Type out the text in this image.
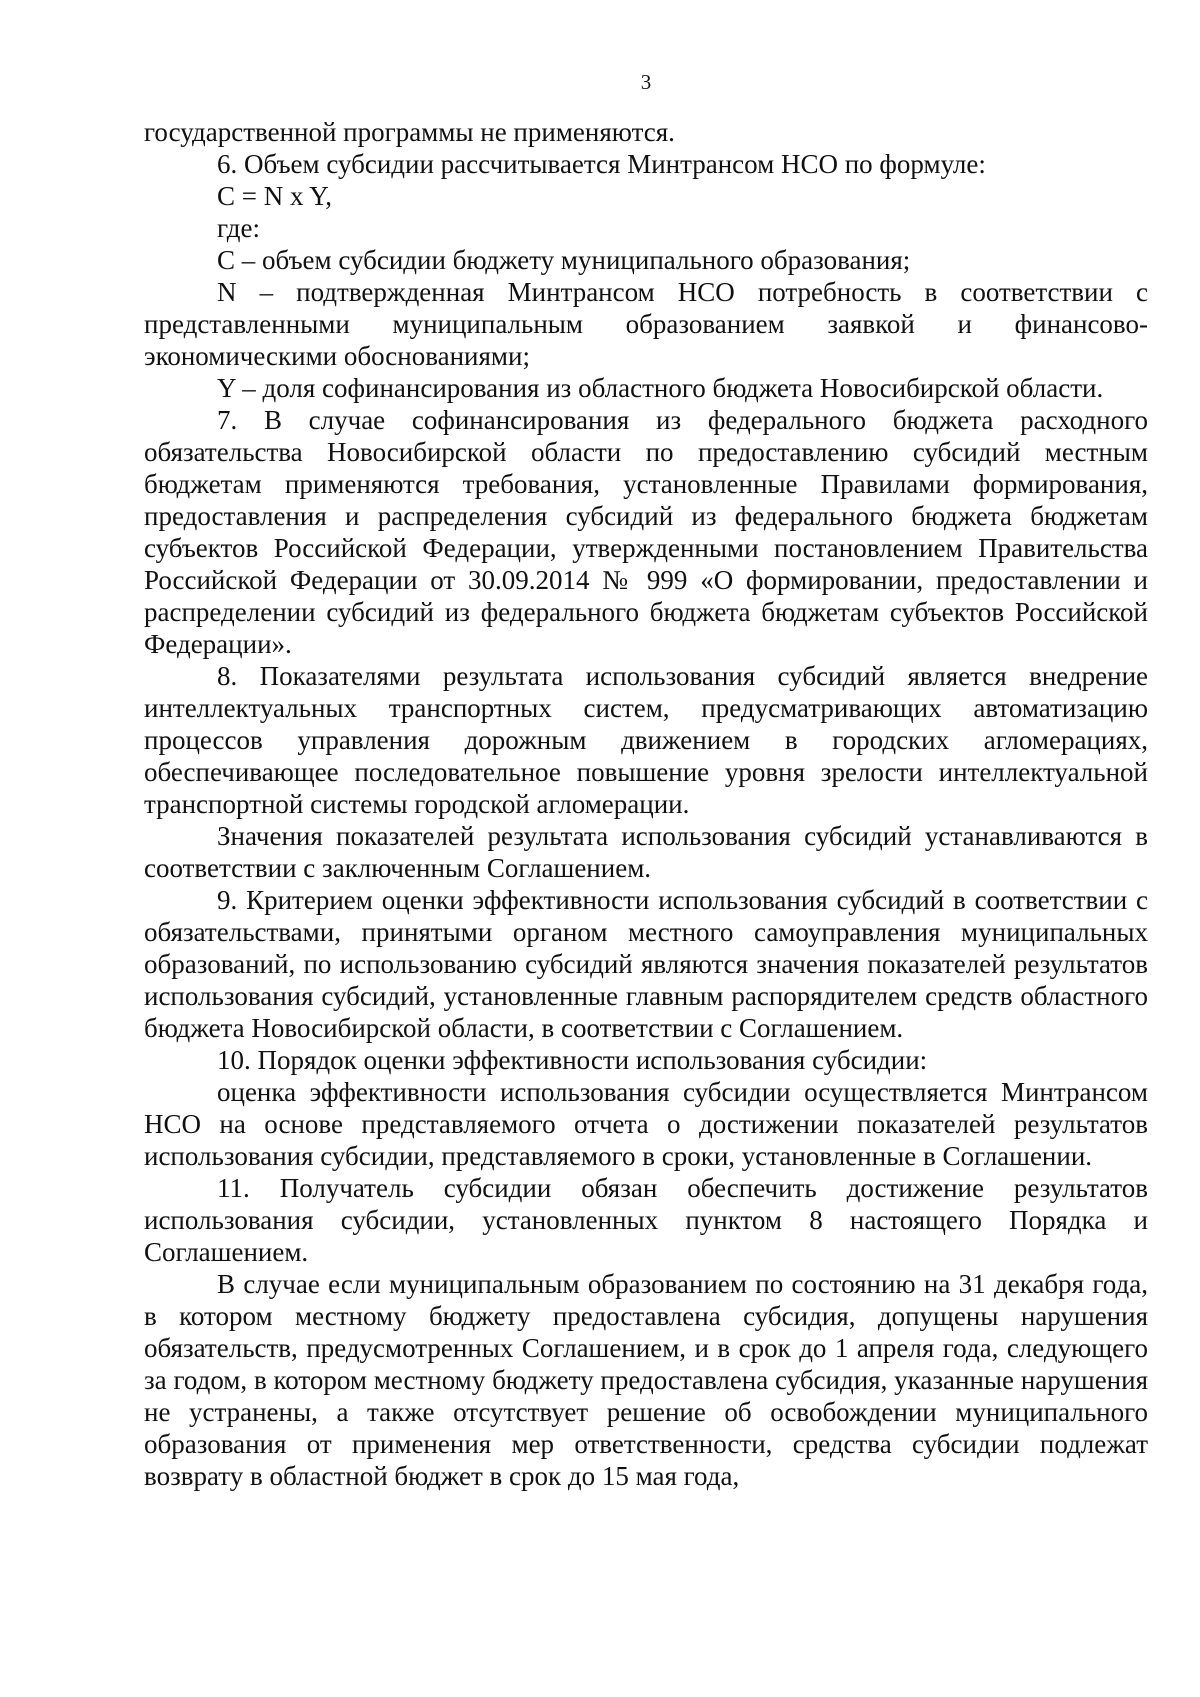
3

государственной программы не применяются.

6. Объем субсидии рассчитывается Минтрансом НСО по формуле:

C = N x Y,

где:

C – объем субсидии бюджету муниципального образования;

N – подтвержденная Минтрансом НСО потребность в соответствии с представленными муниципальным образованием заявкой и финансово-экономическими обоснованиями;

Y – доля софинансирования из областного бюджета Новосибирской области.

7. В случае софинансирования из федерального бюджета расходного обязательства Новосибирской области по предоставлению субсидий местным бюджетам применяются требования, установленные Правилами формирования, предоставления и распределения субсидий из федерального бюджета бюджетам субъектов Российской Федерации, утвержденными постановлением Правительства Российской Федерации от 30.09.2014 № 999 «О формировании, предоставлении и распределении субсидий из федерального бюджета бюджетам субъектов Российской Федерации».

8. Показателями результата использования субсидий является внедрение интеллектуальных транспортных систем, предусматривающих автоматизацию процессов управления дорожным движением в городских агломерациях, обеспечивающее последовательное повышение уровня зрелости интеллектуальной транспортной системы городской агломерации.

Значения показателей результата использования субсидий устанавливаются в соответствии с заключенным Соглашением.

9. Критерием оценки эффективности использования субсидий в соответствии с обязательствами, принятыми органом местного самоуправления муниципальных образований, по использованию субсидий являются значения показателей результатов использования субсидий, установленные главным распорядителем средств областного бюджета Новосибирской области, в соответствии с Соглашением.

10. Порядок оценки эффективности использования субсидии:

оценка эффективности использования субсидии осуществляется Минтрансом НСО на основе представляемого отчета о достижении показателей результатов использования субсидии, представляемого в сроки, установленные в Соглашении.

11. Получатель субсидии обязан обеспечить достижение результатов использования субсидии, установленных пунктом 8 настоящего Порядка и Соглашением.

В случае если муниципальным образованием по состоянию на 31 декабря года, в котором местному бюджету предоставлена субсидия, допущены нарушения обязательств, предусмотренных Соглашением, и в срок до 1 апреля года, следующего за годом, в котором местному бюджету предоставлена субсидия, указанные нарушения не устранены, а также отсутствует решение об освобождении муниципального образования от применения мер ответственности, средства субсидии подлежат возврату в областной бюджет в срок до 15 мая года,
